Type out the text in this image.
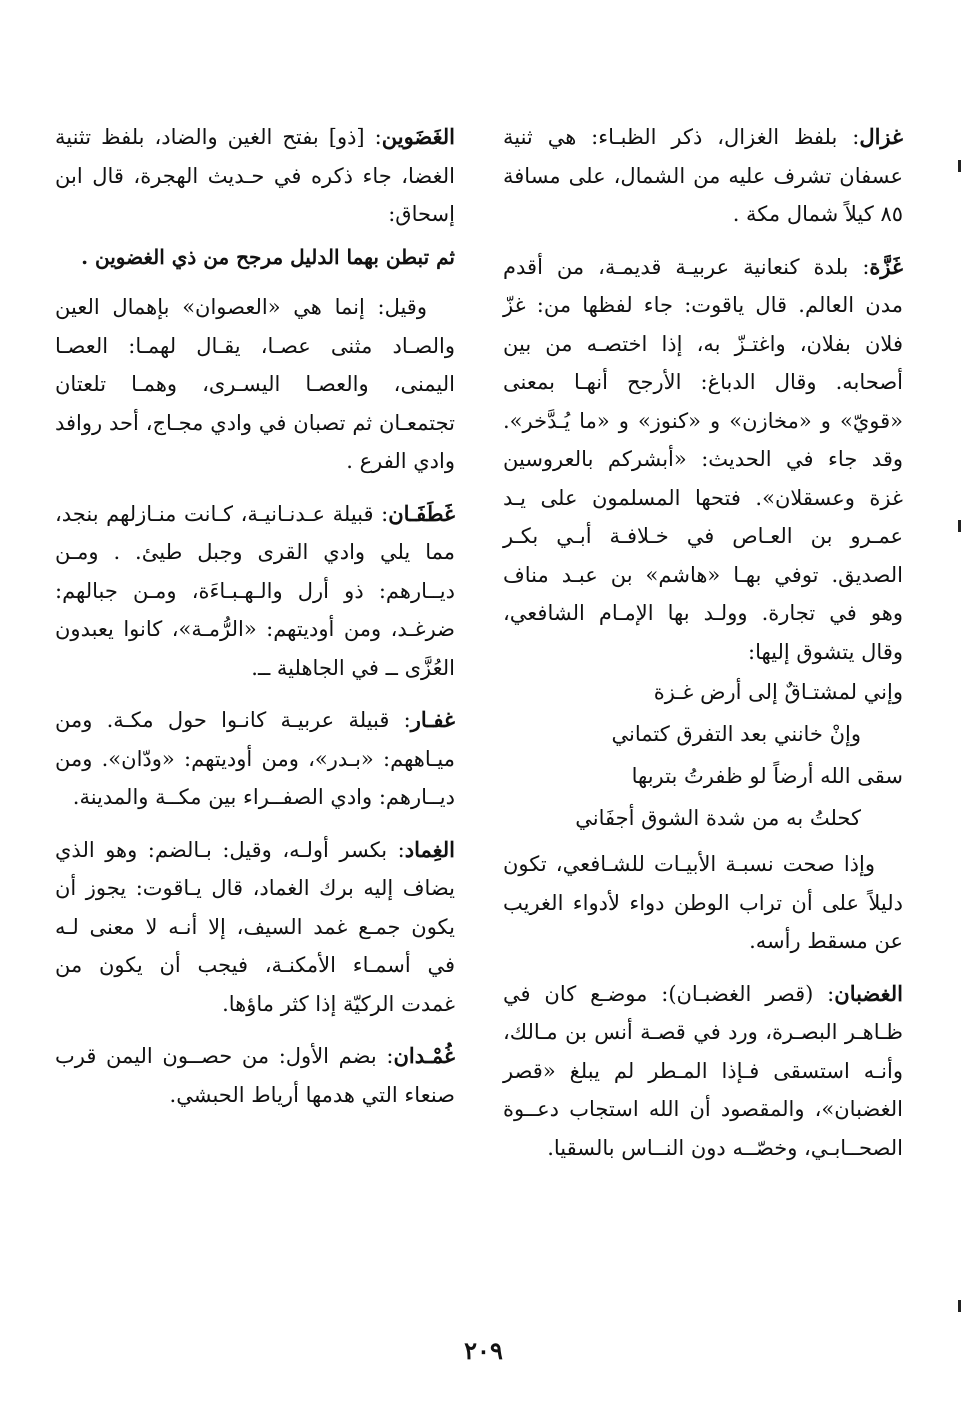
غزال: بلفظ الغزال، ذكر الظبـاء: هي ثنية عسفان تشرف عليه من الشمال، على مسافة ٨٥ كيلاً شمال مكة .

غَزَّة: بلدة كنعانية عربيـة قديمـة، من أقدم مدن العالم. قال ياقوت: جاء لفظها من: غزّ فلان بفلان، واغتـزّ به، إذا اختصـه من بين أصحابه. وقال الدباغ: الأرجح أنهـا بمعنى «قويّ» و «مخازن» و «كنوز» و «ما يُـدَّخر». وقد جاء في الحديث: «أبشركم بالعروسين غزة وعسقلان». فتحها المسلمون على يـد عمـرو بن العـاص في خـلافـة أبـي بكـر الصديق. توفي بهـا «هاشم» بن عبـد مناف وهو في تجارة. وولـد بها الإمـام الشافعي، وقال يتشوق إليها:

وإني لمشتـاقٌ إلى أرض غـزة

وإنْ خانني بعد التفرق كتماني

سقى الله أرضاً لو ظفرتُ بتربها

كحلتُ به من شدة الشوق أجفَاني

وإذا صحت نسبـة الأبيـات للشـافعي، تكون دليلاً على أن تراب الوطن دواء لأدواء الغريب عن مسقط رأسه.

الغضبان: (قصر الغضبـان): موضـع كان في ظـاهـر البصـرة، ورد في قصـة أنس بن مـالك، وأنـه استسقى فـإذا المـطر لم يبلغ «قصر الغضبان»، والمقصود أن الله استجاب دعــوة الصحــابـي، وخصّــه دون النــاس بالسقيا.

الغَضَوين: [ذو] بفتح الغين والضاد، بلفظ تثنية الغضا، جاء ذكره في حـديث الهجرة، قال ابن إسحاق:

ثم تبطن بهما الدليل مرجح من ذي الغضوين .

وقيل: إنما هي «العصوان» بإهمال العين والصـاد مثنى عصـا، يقـال لهمـا: العصـا اليمنى، والعصـا اليسـرى، وهمـا تلعتان تجتمعـان ثم تصبان في وادي مجـاج، أحد روافد وادي الفرع .

غَطَفَـان: قبيلة عـدنـانيـة، كـانت منـازلهم بنجد، مما يلي وادي القرى وجبل طيئ. . ومـن ديــارهم: ذو أرل والـهـبـاءَة، ومـن جبالهم: ضرغـد، ومن أوديتهم: «الرُّمـة»، كانوا يعبدون العُزَّى ــ في الجاهلية ــ.

غفـار: قبيلة عربيـة كانـوا حول مكـة. ومن ميـاههم: «بـدر»، ومن أوديتهم: «ودّان». ومن ديــارهم: وادي الصفــراء بين مكــة والمدينة.

الغِماد: بكسر أولـه، وقيل: بـالضم: وهو الذي يضاف إليه برك الغماد، قال يـاقوت: يجوز أن يكون جمـع غمد السيف، إلا أنـه لا معنى لـه في أسمـاء الأمكنـة، فيجب أن يكون من غمدت الركيّة إذا كثر ماؤها.

غُمْـدان: بضم الأول: من حصــون اليمن قرب صنعاء التي هدمها أرياط الحبشي.

٢٠٩
